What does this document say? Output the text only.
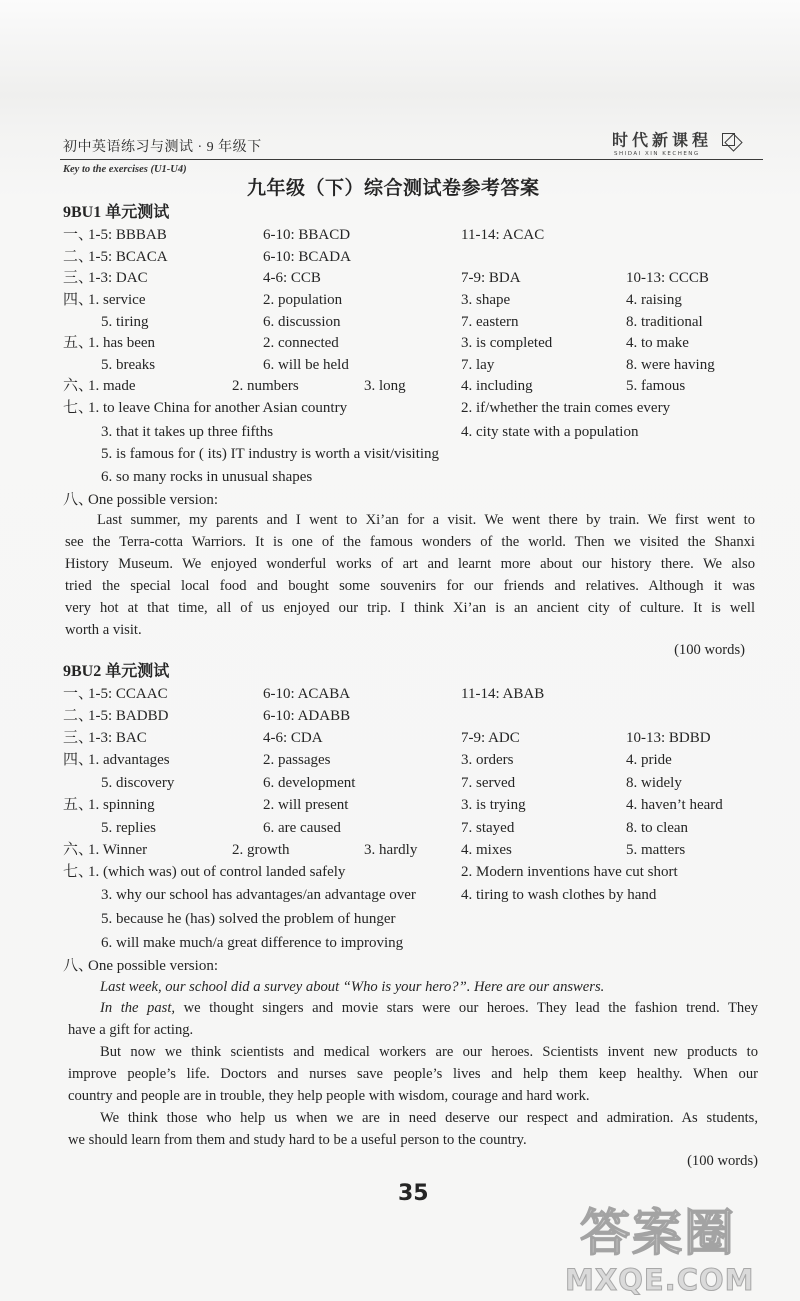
初中英语练习与测试 · 9 年级下	时代新课程
SHIDAI XIN KECHENG
Key to the exercises (U1-U4)
九年级（下）综合测试卷参考答案
9BU1 单元测试
一、
1-5: BBBAB	6-10: BBACD	11-14: ACAC
二、
1-5: BCACA	6-10: BCADA
三、
1-3: DAC	4-6: CCB	7-9: BDA	10-13: CCCB
四、
1. service	2. population	3. shape	4. raising
5. tiring	6. discussion	7. eastern	8. traditional
五、
1. has been	2. connected	3. is completed	4. to make
5. breaks	6. will be held	7. lay	8. were having
六、
1. made	2. numbers	3. long	4. including	5. famous
七、
1. to leave China for another Asian country	2. if/whether the train comes every
3. that it takes up three fifths	4. city state with a population
5. is famous for ( its) IT industry is worth a visit/visiting
6. so many rocks in unusual shapes
八、
One possible version:
Last summer, my parents and I went to Xi’an for a visit. We went there by train. We first went to
see the Terra-cotta Warriors. It is one of the famous wonders of the world. Then we visited the Shanxi
History Museum. We enjoyed wonderful works of art and learnt more about our history there. We also
tried the special local food and bought some souvenirs for our friends and relatives. Although it was
very hot at that time, all of us enjoyed our trip. I think Xi’an is an ancient city of culture. It is well
worth a visit.
(100 words)
9BU2 单元测试
一、
1-5: CCAAC	6-10: ACABA	11-14: ABAB
二、
1-5: BADBD	6-10: ADABB
三、
1-3: BAC	4-6: CDA	7-9: ADC	10-13: BDBD
四、
1. advantages	2. passages	3. orders	4. pride
5. discovery	6. development	7. served	8. widely
五、
1. spinning	2. will present	3. is trying	4. haven’t heard
5. replies	6. are caused	7. stayed	8. to clean
六、
1. Winner	2. growth	3. hardly	4. mixes	5. matters
七、
1. (which was) out of control landed safely	2. Modern inventions have cut short
3. why our school has advantages/an advantage over	4. tiring to wash clothes by hand
5. because he (has) solved the problem of hunger
6. will make much/a great difference to improving
八、
One possible version:
Last week, our school did a survey about “Who is your hero?”. Here are our answers.
In the past, we thought singers and movie stars were our heroes. They lead the fashion trend. They
have a gift for acting.
But now we think scientists and medical workers are our heroes. Scientists invent new products to
improve people’s life. Doctors and nurses save people’s lives and help them keep healthy. When our
country and people are in trouble, they help people with wisdom, courage and hard work.
We think those who help us when we are in need deserve our respect and admiration. As students,
we should learn from them and study hard to be a useful person to the country.
(100 words)
35
答案圈
MXQE.COM
